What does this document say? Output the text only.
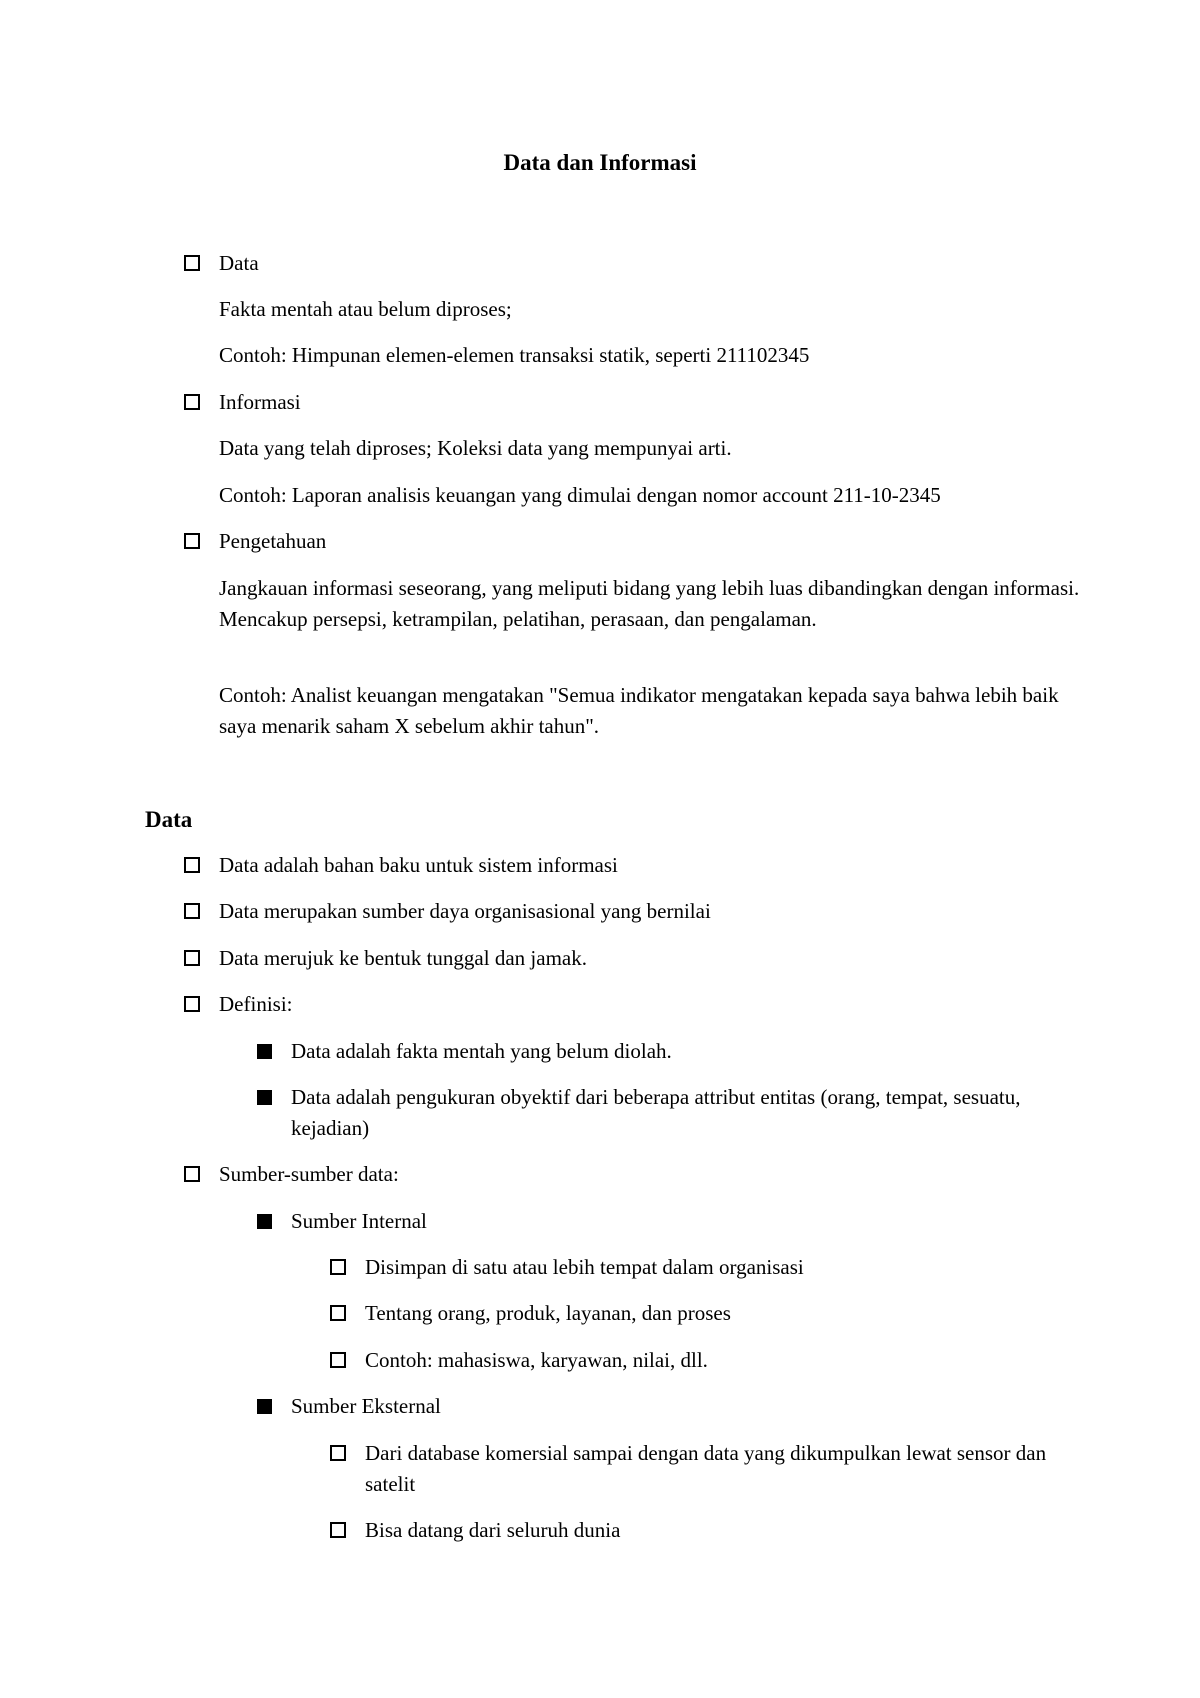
Data dan Informasi
Data
Fakta mentah atau belum diproses;
Contoh: Himpunan elemen-elemen transaksi statik, seperti 211102345
Informasi
Data yang telah diproses; Koleksi data yang mempunyai arti.
Contoh: Laporan analisis keuangan yang dimulai dengan nomor account 211-10-2345
Pengetahuan
Jangkauan informasi seseorang, yang meliputi bidang yang lebih luas dibandingkan dengan informasi. Mencakup persepsi, ketrampilan, pelatihan, perasaan, dan pengalaman.
Contoh: Analist keuangan mengatakan "Semua indikator mengatakan kepada saya bahwa lebih baik saya menarik saham X sebelum akhir tahun".
Data
Data adalah bahan baku untuk sistem informasi
Data merupakan sumber daya organisasional yang bernilai
Data merujuk ke bentuk tunggal dan jamak.
Definisi:
Data adalah fakta mentah yang belum diolah.
Data adalah pengukuran obyektif dari beberapa attribut entitas (orang, tempat, sesuatu, kejadian)
Sumber-sumber data:
Sumber Internal
Disimpan di satu atau lebih tempat dalam organisasi
Tentang orang, produk, layanan, dan proses
Contoh: mahasiswa, karyawan, nilai, dll.
Sumber Eksternal
Dari database komersial sampai dengan data yang dikumpulkan lewat sensor dan satelit
Bisa datang dari seluruh dunia
